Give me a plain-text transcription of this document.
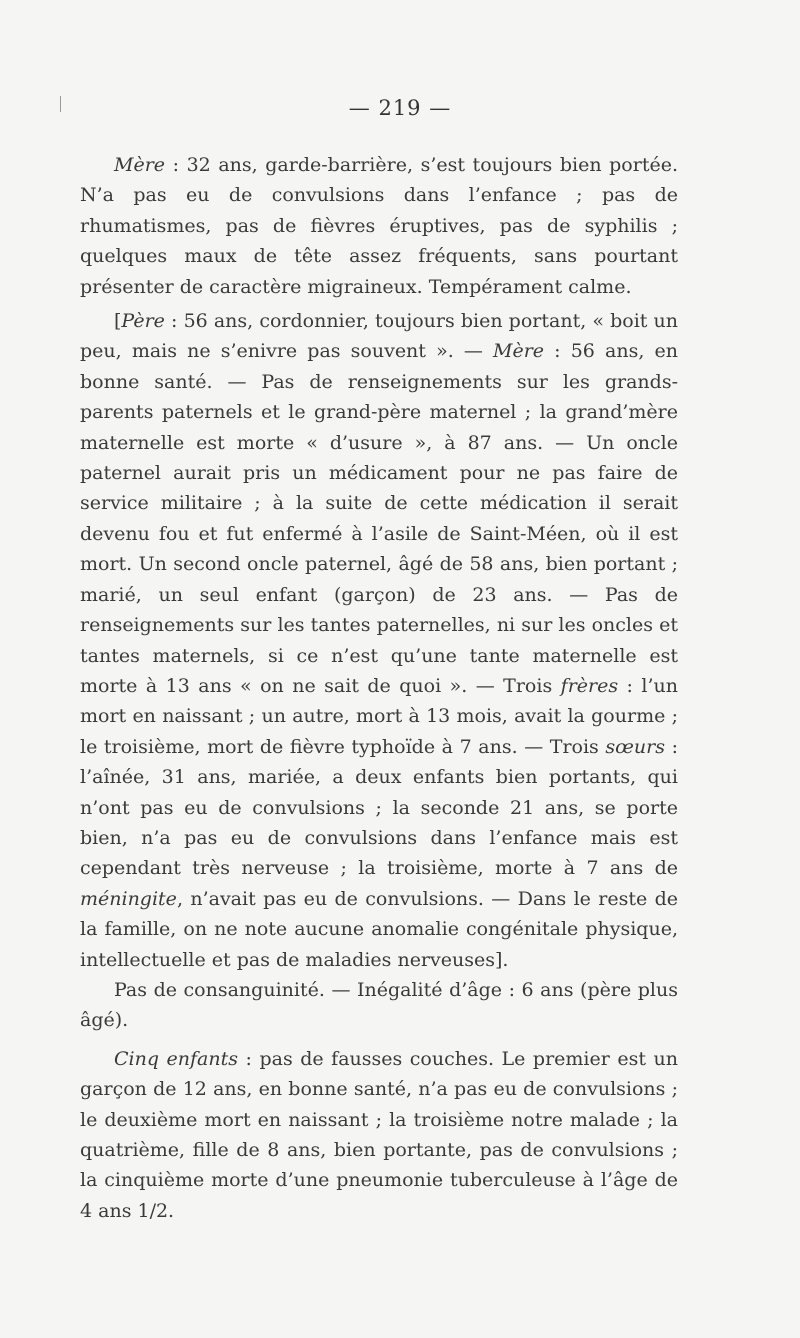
— 219 —

Mère : 32 ans, garde-barrière, s’est toujours bien portée. N’a pas eu de convulsions dans l’enfance ; pas de rhumatismes, pas de fièvres éruptives, pas de syphilis ; quelques maux de tête assez fréquents, sans pourtant présenter de caractère migraineux. Tempérament calme.

[Père : 56 ans, cordonnier, toujours bien portant, « boit un peu, mais ne s’enivre pas souvent ». — Mère : 56 ans, en bonne santé. — Pas de renseignements sur les grands-parents paternels et le grand-père maternel ; la grand’mère maternelle est morte « d’usure », à 87 ans. — Un oncle paternel aurait pris un médicament pour ne pas faire de service militaire ; à la suite de cette médication il serait devenu fou et fut enfermé à l’asile de Saint-Méen, où il est mort. Un second oncle paternel, âgé de 58 ans, bien portant ; marié, un seul enfant (garçon) de 23 ans. — Pas de renseignements sur les tantes paternelles, ni sur les oncles et tantes maternels, si ce n’est qu’une tante maternelle est morte à 13 ans « on ne sait de quoi ». — Trois frères : l’un mort en naissant ; un autre, mort à 13 mois, avait la gourme ; le troisième, mort de fièvre typhoïde à 7 ans. — Trois sœurs : l’aînée, 31 ans, mariée, a deux enfants bien portants, qui n’ont pas eu de convulsions ; la seconde 21 ans, se porte bien, n’a pas eu de convulsions dans l’enfance mais est cependant très nerveuse ; la troisième, morte à 7 ans de méningite, n’avait pas eu de convulsions. — Dans le reste de la famille, on ne note aucune anomalie congénitale physique, intellectuelle et pas de maladies nerveuses].

Pas de consanguinité. — Inégalité d’âge : 6 ans (père plus âgé).

Cinq enfants : pas de fausses couches. Le premier est un garçon de 12 ans, en bonne santé, n’a pas eu de convulsions ; le deuxième mort en naissant ; la troisième notre malade ; la quatrième, fille de 8 ans, bien portante, pas de convulsions ; la cinquième morte d’une pneumonie tuberculeuse à l’âge de 4 ans 1/2.
